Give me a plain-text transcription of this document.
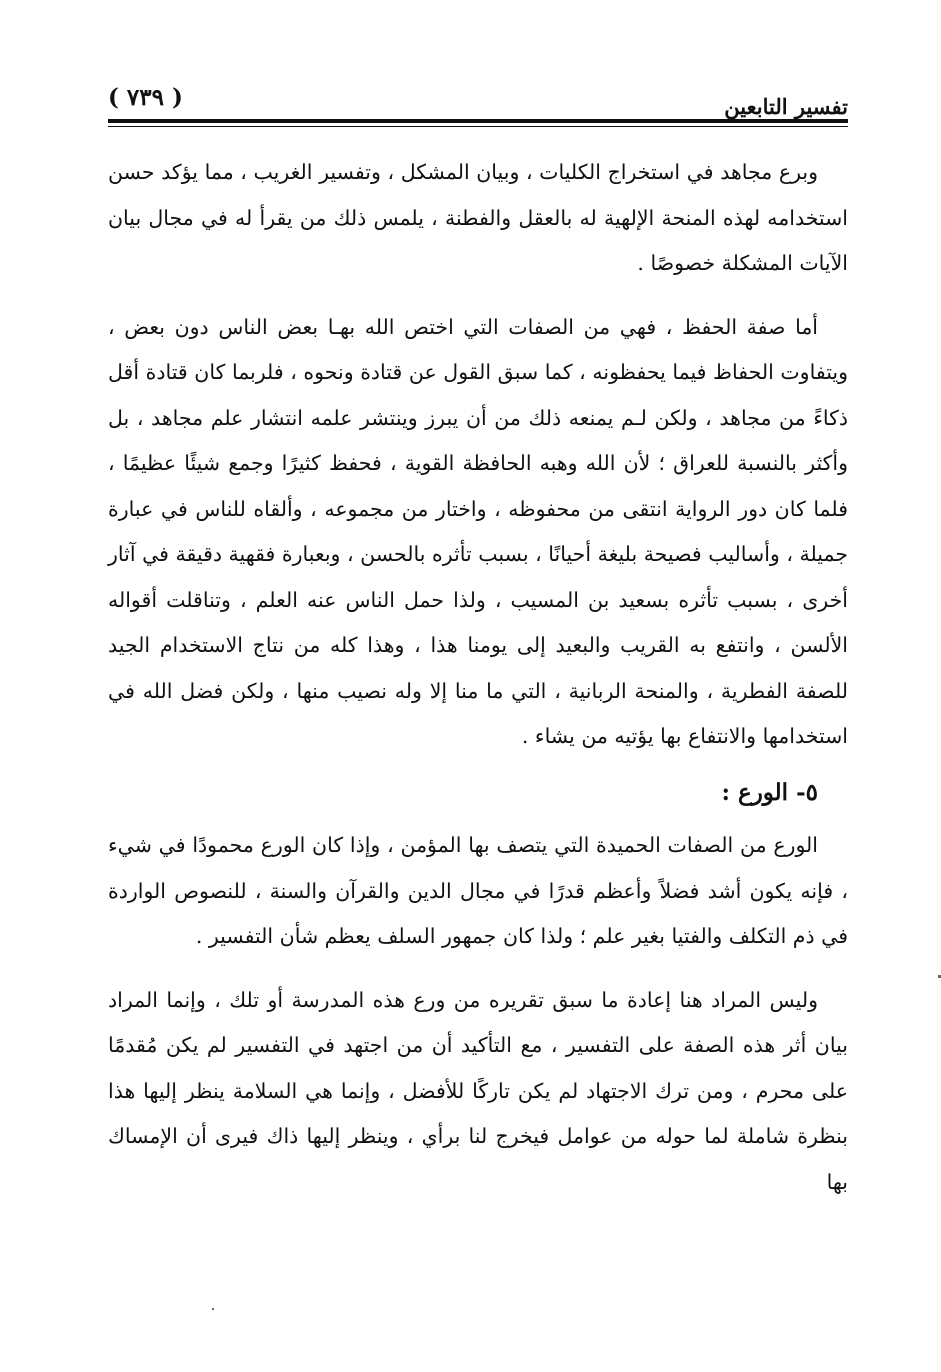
( ٧٣٩ )	تفسير التابعين

وبرع مجاهد في استخراج الكليات ، وبيان المشكل ، وتفسير الغريب ، مما يؤكد حسن استخدامه لهذه المنحة الإلهية له بالعقل والفطنة ، يلمس ذلك من يقرأ له في مجال بيان الآيات المشكلة خصوصًا .

أما صفة الحفظ ، فهي من الصفات التي اختص الله بهـا بعض الناس دون بعض ، ويتفاوت الحفاظ فيما يحفظونه ، كما سبق القول عن قتادة ونحوه ، فلربما كان قتادة أقل ذكاءً من مجاهد ، ولكن لـم يمنعه ذلك من أن يبرز وينتشر علمه انتشار علم مجاهد ، بل وأكثر بالنسبة للعراق ؛ لأن الله وهبه الحافظة القوية ، فحفظ كثيرًا وجمع شيئًا عظيمًا ، فلما كان دور الرواية انتقى من محفوظه ، واختار من مجموعه ، وألقاه للناس في عبارة جميلة ، وأساليب فصيحة بليغة أحيانًا ، بسبب تأثره بالحسن ، وبعبارة فقهية دقيقة في آثار أخرى ، بسبب تأثره بسعيد بن المسيب ، ولذا حمل الناس عنه العلم ، وتناقلت أقواله الألسن ، وانتفع به القريب والبعيد إلى يومنا هذا ، وهذا كله من نتاج الاستخدام الجيد للصفة الفطرية ، والمنحة الربانية ، التي ما منا إلا وله نصيب منها ، ولكن فضل الله في استخدامها والانتفاع بها يؤتيه من يشاء .

٥- الورع :

الورع من الصفات الحميدة التي يتصف بها المؤمن ، وإذا كان الورع محمودًا في شيء ، فإنه يكون أشد فضلاً وأعظم قدرًا في مجال الدين والقرآن والسنة ، للنصوص الواردة في ذم التكلف والفتيا بغير علم ؛ ولذا كان جمهور السلف يعظم شأن التفسير .

وليس المراد هنا إعادة ما سبق تقريره من ورع هذه المدرسة أو تلك ، وإنما المراد بيان أثر هذه الصفة على التفسير ، مع التأكيد أن من اجتهد في التفسير لم يكن مُقدمًا على محرم ، ومن ترك الاجتهاد لم يكن تاركًا للأفضل ، وإنما هي السلامة ينظر إليها هذا بنظرة شاملة لما حوله من عوامل فيخرج لنا برأي ، وينظر إليها ذاك فيرى أن الإمساك بها
